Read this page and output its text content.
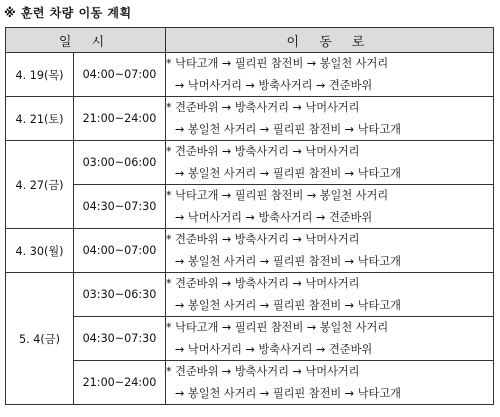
※ 훈련 차량 이동 계획
일 시		이 동 로
4. 19(목)	04:00~07:00	* 낙타고개 → 필리핀 참전비 → 봉일천 사거리
→ 낙머사거리 → 방축사거리 → 견준바위

4. 21(토)	21:00~24:00	* 견준바위 → 방축사거리 → 낙머사거리
→ 봉일천 사거리 → 필리핀 참전비 → 낙타고개

4. 27(금)	03:00~06:00	* 견준바위 → 방축사거리 → 낙머사거리
→ 봉일천 사거리 → 필리핀 참전비 → 낙타고개

	04:30~07:30	* 낙타고개 → 필리핀 참전비 → 봉일천 사거리
→ 낙머사거리 → 방축사거리 → 견준바위

4. 30(월)	04:00~07:00	* 견준바위 → 방축사거리 → 낙머사거리
→ 봉일천 사거리 → 필리핀 참전비 → 낙타고개

5. 4(금)	03:30~06:30	* 견준바위 → 방축사거리 → 낙머사거리
→ 봉일천 사거리 → 필리핀 참전비 → 낙타고개

	04:30~07:30	* 낙타고개 → 필리핀 참전비 → 봉일천 사거리
→ 낙머사거리 → 방축사거리 → 견준바위

	21:00~24:00	* 견준바위 → 방축사거리 → 낙머사거리
→ 봉일천 사거리 → 필리핀 참전비 → 낙타고개
